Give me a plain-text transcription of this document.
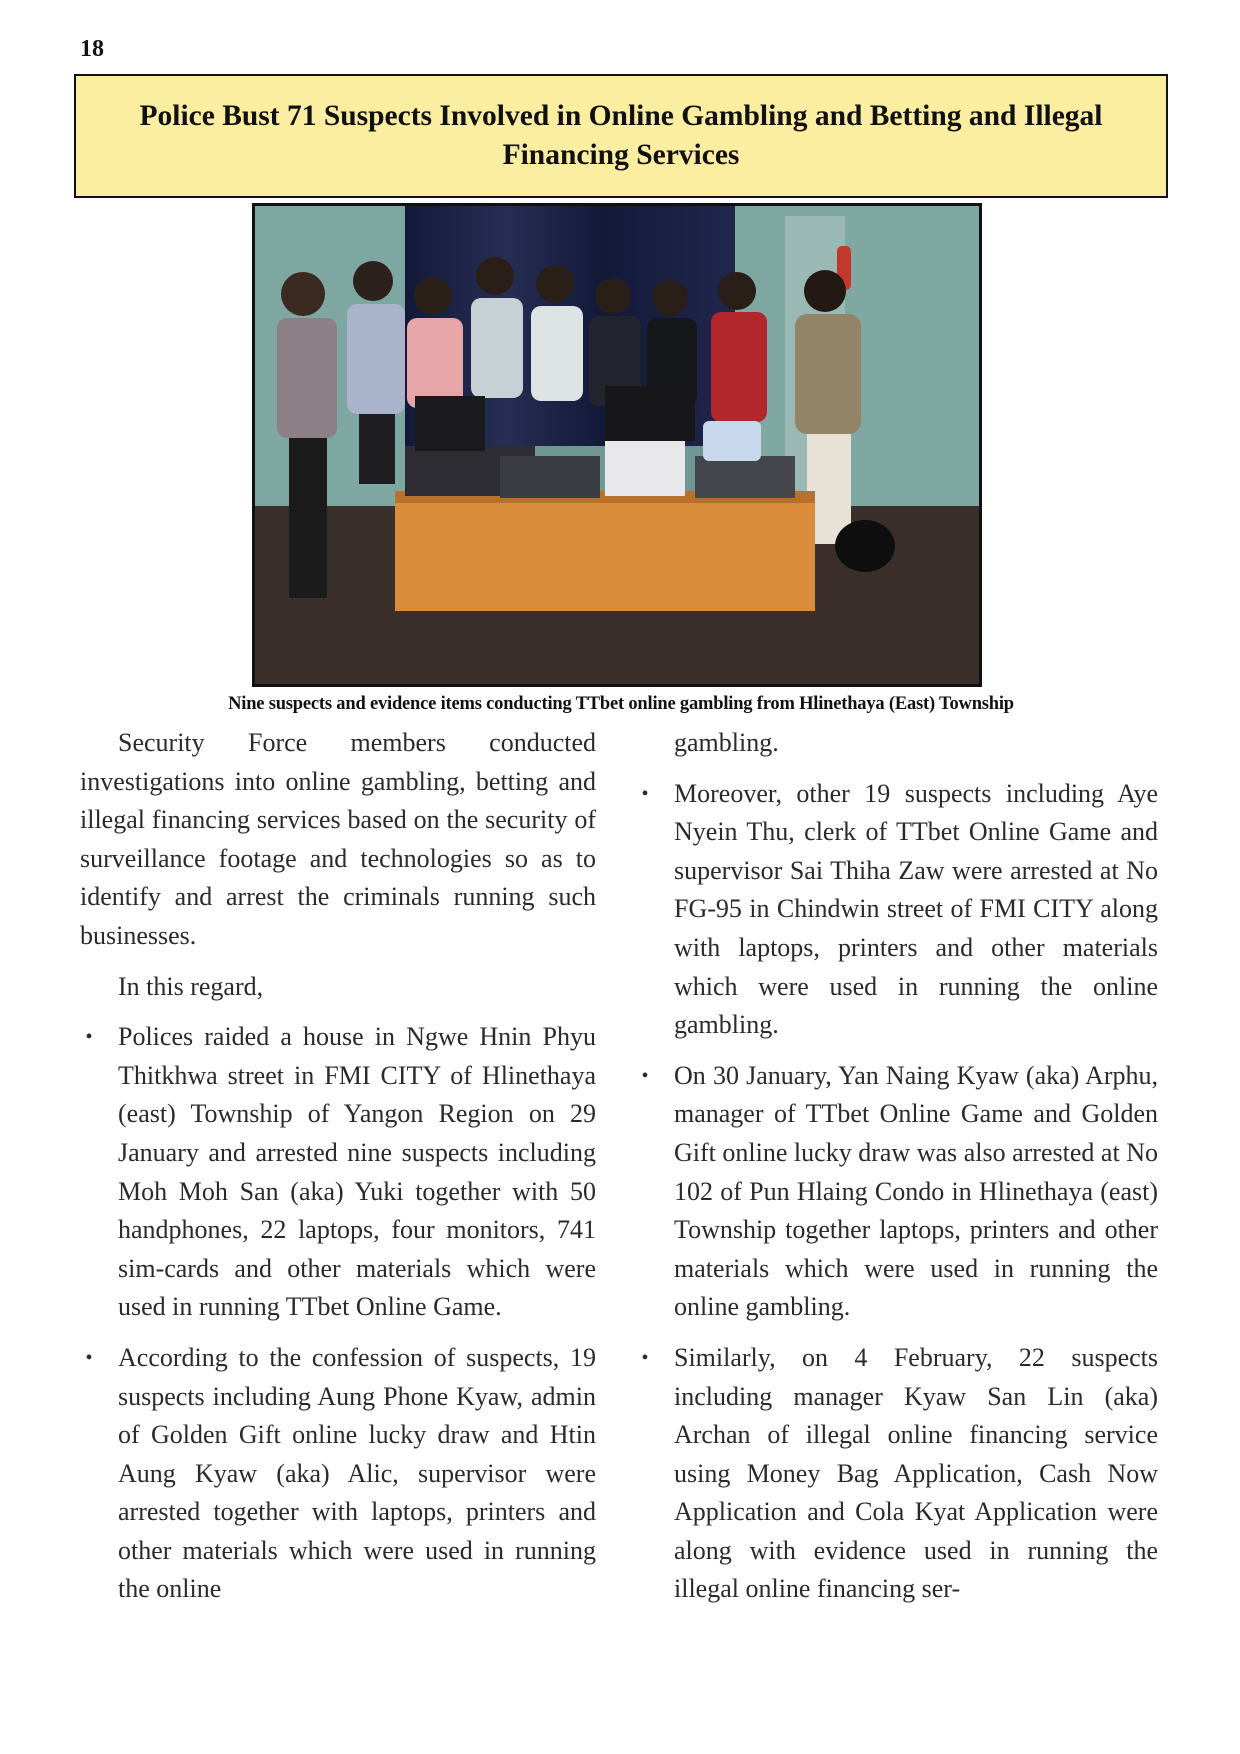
18
Police Bust 71 Suspects Involved in Online Gambling and Betting and Illegal Financing Services
Nine suspects and evidence items conducting TTbet online gambling from Hlinethaya (East) Township

Security Force members conducted investigations into online gambling, betting and illegal financing services based on the security of surveillance footage and technologies so as to identify and arrest the criminals running such businesses.

In this regard,

• Polices raided a house in Ngwe Hnin Phyu Thitkhwa street in FMI CITY of Hlinethaya (east) Township of Yangon Region on 29 January and arrested nine suspects including Moh Moh San (aka) Yuki together with 50 handphones, 22 laptops, four monitors, 741 sim-cards and other materials which were used in running TTbet Online Game.

• According to the confession of suspects, 19 suspects including Aung Phone Kyaw, admin of Golden Gift online lucky draw and Htin Aung Kyaw (aka) Alic, supervisor were arrested together with laptops, printers and other materials which were used in running the online

gambling.

• Moreover, other 19 suspects including Aye Nyein Thu, clerk of TTbet Online Game and supervisor Sai Thiha Zaw were arrested at No FG-95 in Chindwin street of FMI CITY along with laptops, printers and other materials which were used in running the online gambling.

• On 30 January, Yan Naing Kyaw (aka) Arphu, manager of TTbet Online Game and Golden Gift online lucky draw was also arrested at No 102 of Pun Hlaing Condo in Hlinethaya (east) Township together laptops, printers and other materials which were used in running the online gambling.

• Similarly, on 4 February, 22 suspects including manager Kyaw San Lin (aka) Archan of illegal online financing service using Money Bag Application, Cash Now Application and Cola Kyat Application were along with evidence used in running the illegal online financing ser-
